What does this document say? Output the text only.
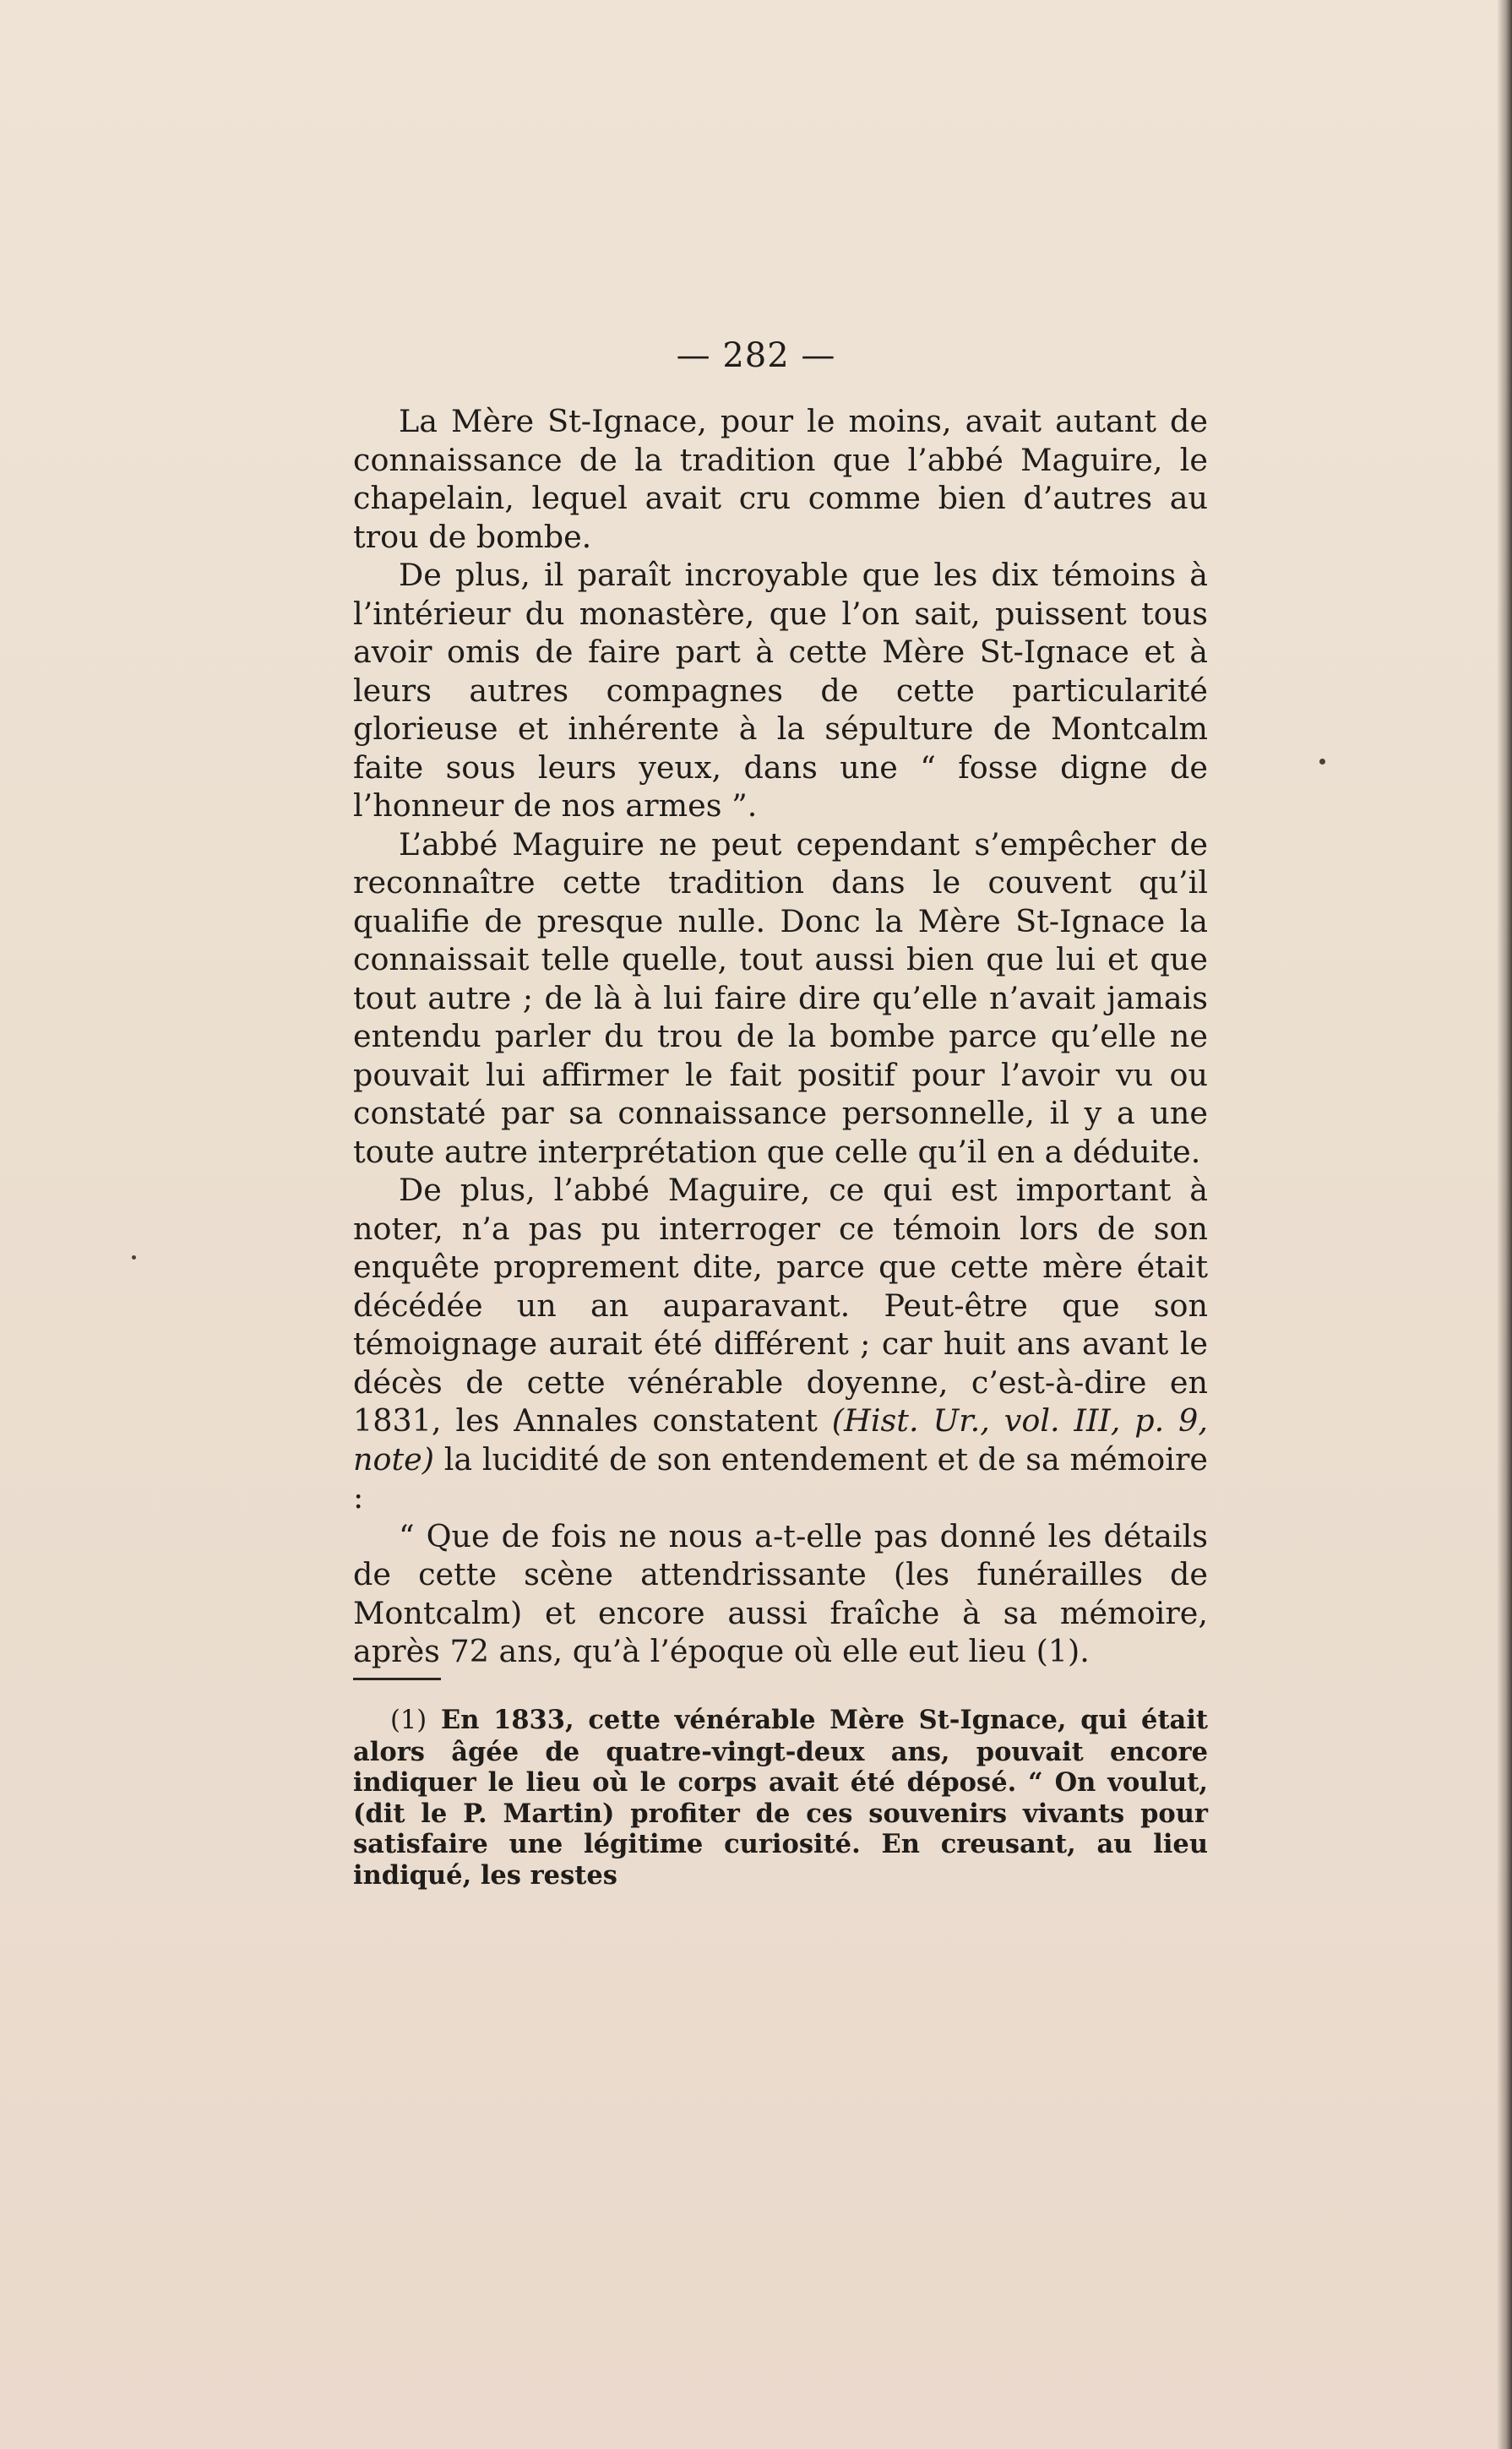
— 282 —

La Mère St-Ignace, pour le moins, avait autant de connaissance de la tradition que l’abbé Maguire, le chapelain, lequel avait cru comme bien d’autres au trou de bombe.

De plus, il paraît incroyable que les dix témoins à l’intérieur du monastère, que l’on sait, puissent tous avoir omis de faire part à cette Mère St-Ignace et à leurs autres compagnes de cette particularité glorieuse et inhérente à la sépulture de Montcalm faite sous leurs yeux, dans une “ fosse digne de l’honneur de nos armes ”.

L’abbé Maguire ne peut cependant s’empêcher de reconnaître cette tradition dans le couvent qu’il qualifie de presque nulle. Donc la Mère St-Ignace la connaissait telle quelle, tout aussi bien que lui et que tout autre ; de là à lui faire dire qu’elle n’avait jamais entendu parler du trou de la bombe parce qu’elle ne pouvait lui affirmer le fait positif pour l’avoir vu ou constaté par sa connaissance personnelle, il y a une toute autre interprétation que celle qu’il en a déduite.

De plus, l’abbé Maguire, ce qui est important à noter, n’a pas pu interroger ce témoin lors de son enquête proprement dite, parce que cette mère était décédée un an auparavant. Peut-être que son témoignage aurait été différent ; car huit ans avant le décès de cette vénérable doyenne, c’est-à-dire en 1831, les Annales constatent (Hist. Ur., vol. III, p. 9, note) la lucidité de son entendement et de sa mémoire :

“ Que de fois ne nous a-t-elle pas donné les détails de cette scène attendrissante (les funérailles de Montcalm) et encore aussi fraîche à sa mémoire, après 72 ans, qu’à l’époque où elle eut lieu (1).

(1) En 1833, cette vénérable Mère St-Ignace, qui était alors âgée de quatre-vingt-deux ans, pouvait encore indiquer le lieu où le corps avait été déposé. “ On voulut, (dit le P. Martin) profiter de ces souvenirs vivants pour satisfaire une légitime curiosité. En creusant, au lieu indiqué, les restes
